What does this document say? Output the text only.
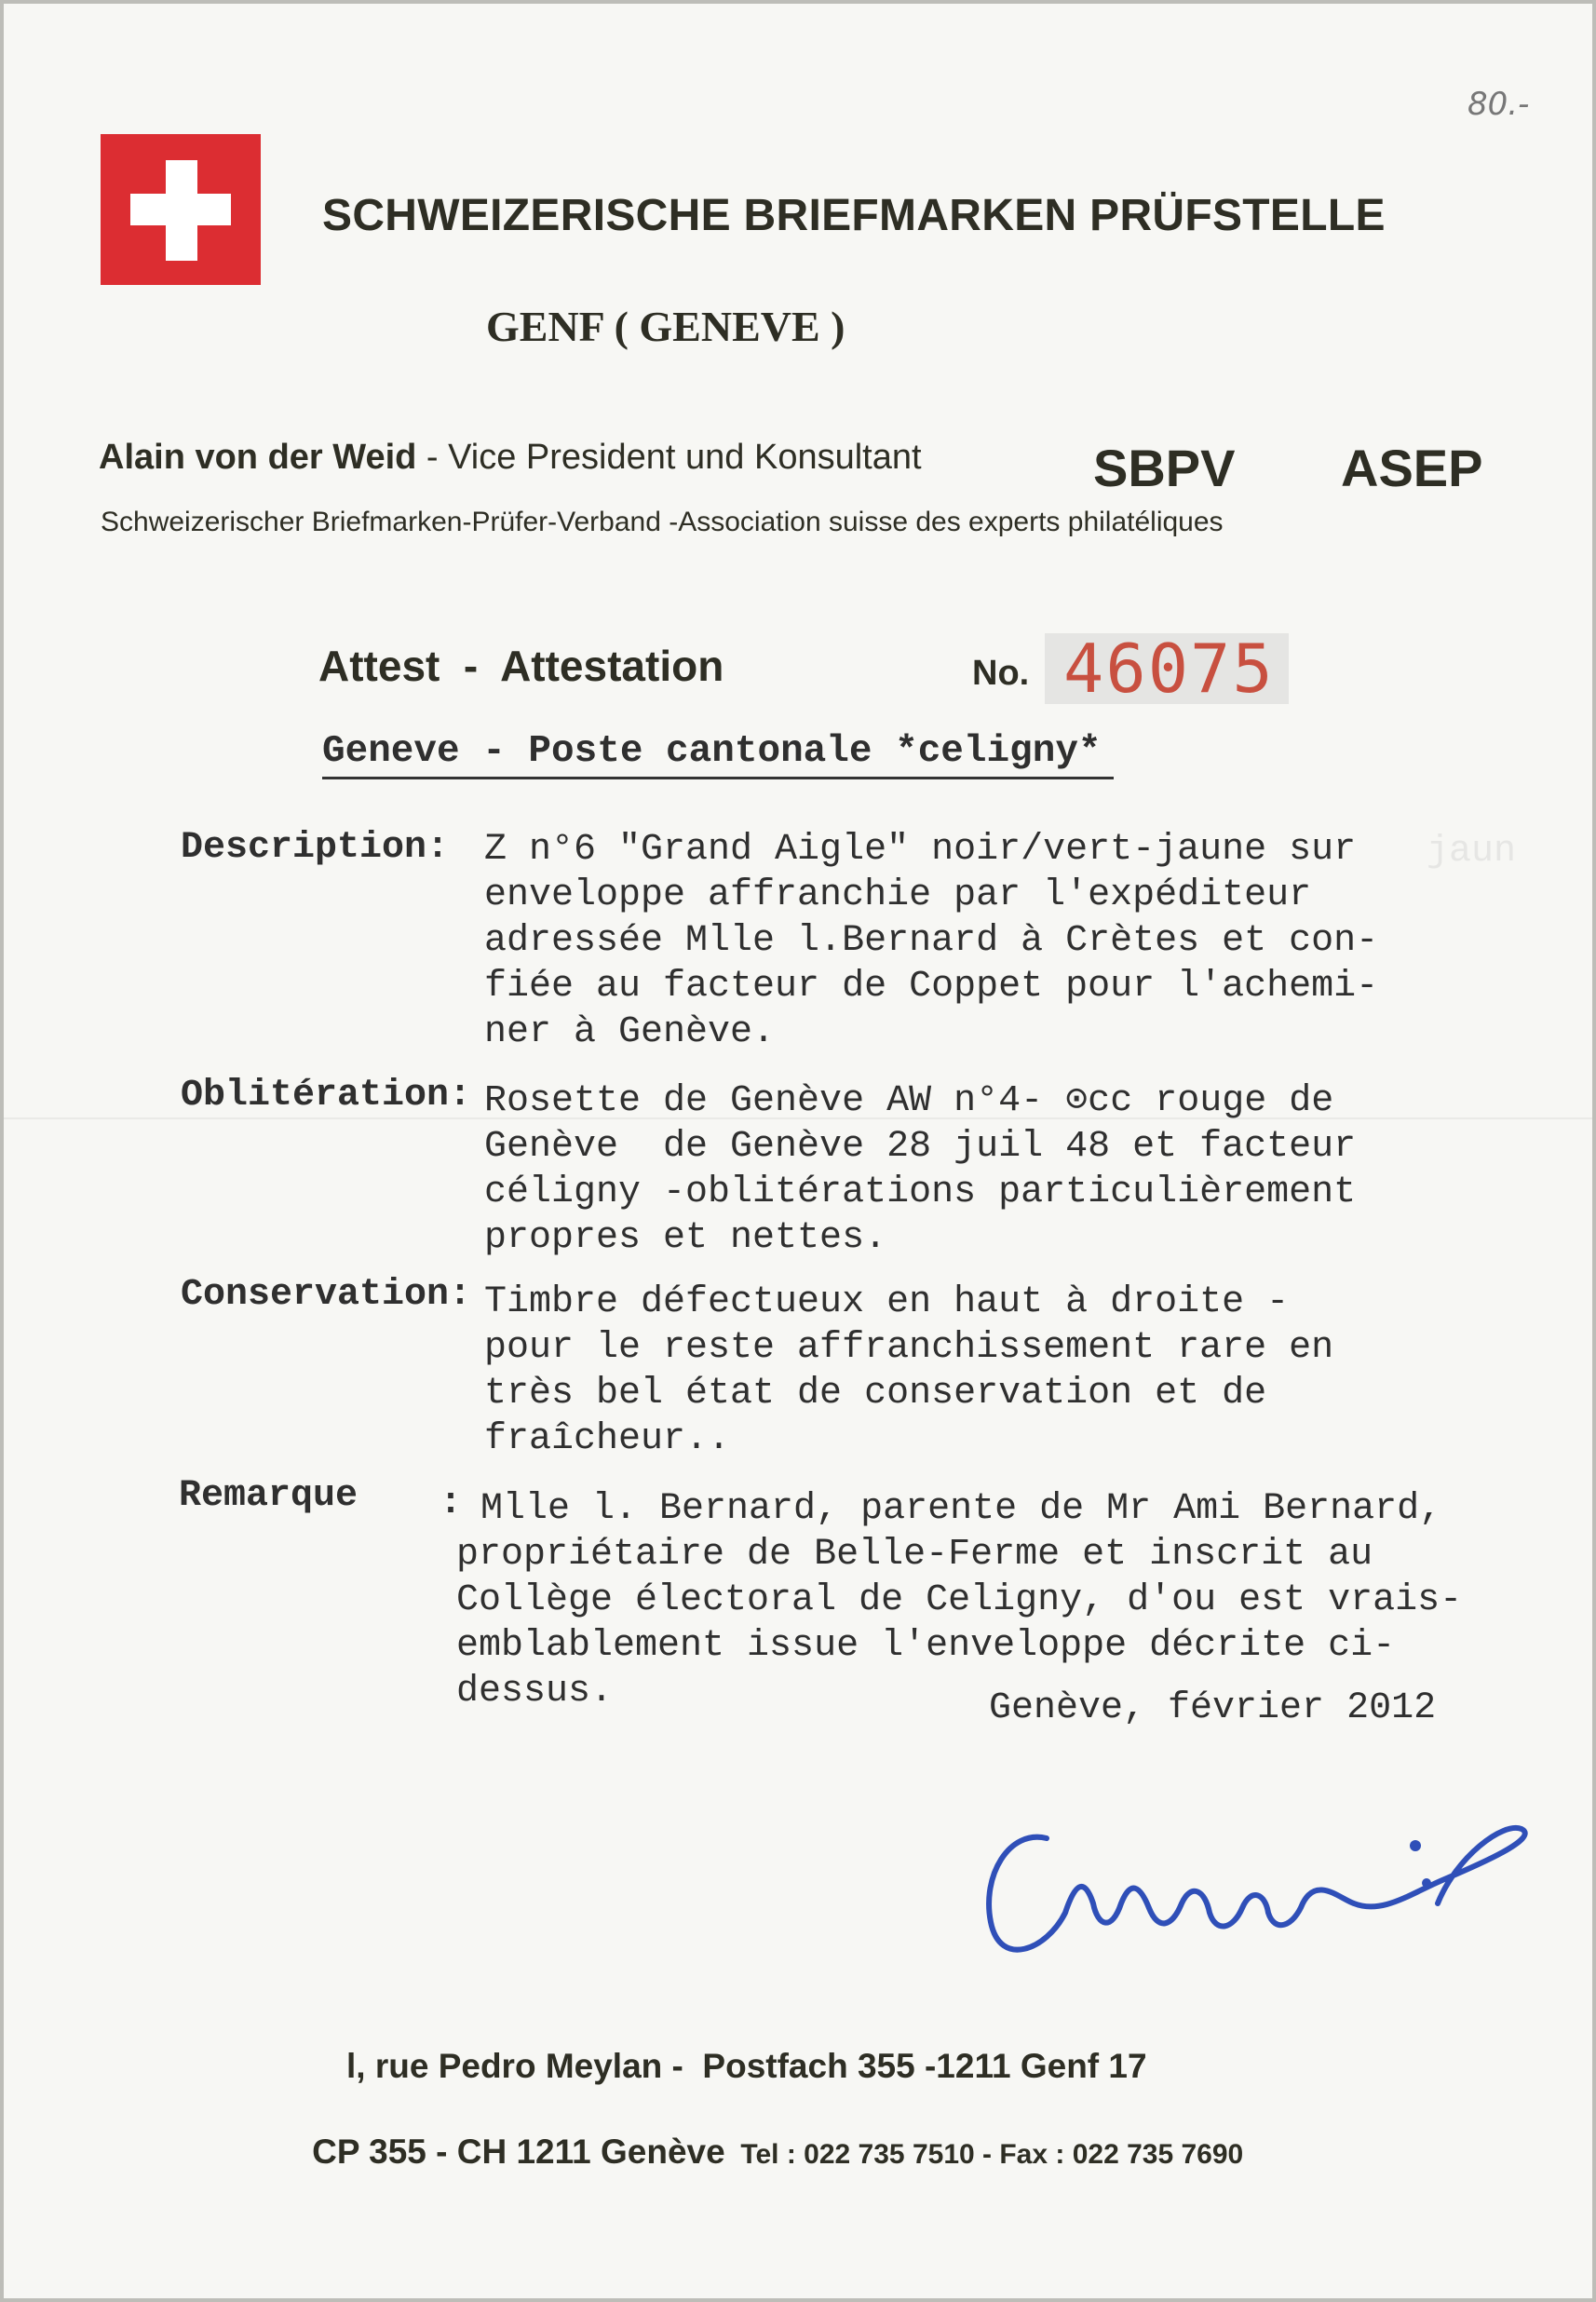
80.-
SCHWEIZERISCHE BRIEFMARKEN PRÜFSTELLE
GENF ( GENEVE )
Alain von der Weid - Vice President und Konsultant	SBPV ASEP
Schweizerischer Briefmarken-Prüfer-Verband -Association suisse des experts philatéliques
Attest  -  Attestation	No. 46075
Geneve - Poste cantonale *celigny*
Description: Z n°6 "Grand Aigle" noir/vert-jaune sur
enveloppe affranchie par l'expéditeur
adressée Mlle l.Bernard à Crètes et con-
fiée au facteur de Coppet pour l'achemi-
ner à Genève.
Oblitération: Rosette de Genève AW n°4- ⊙cc rouge de
Genève  de Genève 28 juil 48 et facteur
céligny -oblitérations particulièrement
propres et nettes.
Conservation: Timbre défectueux en haut à droite -
pour le reste affranchissement rare en
très bel état de conservation et de
fraîcheur..
Remarque : Mlle l. Bernard, parente de Mr Ami Bernard,
propriétaire de Belle-Ferme et inscrit au
Collège électoral de Celigny, d'ou est vrais-
emblablement issue l'enveloppe décrite ci-
dessus.	Genève, février 2012
jaun
l, rue Pedro Meylan -  Postfach 355 -1211 Genf 17

CP 355 - CH 1211 Genève  Tel : 022 735 7510 - Fax : 022 735 7690
